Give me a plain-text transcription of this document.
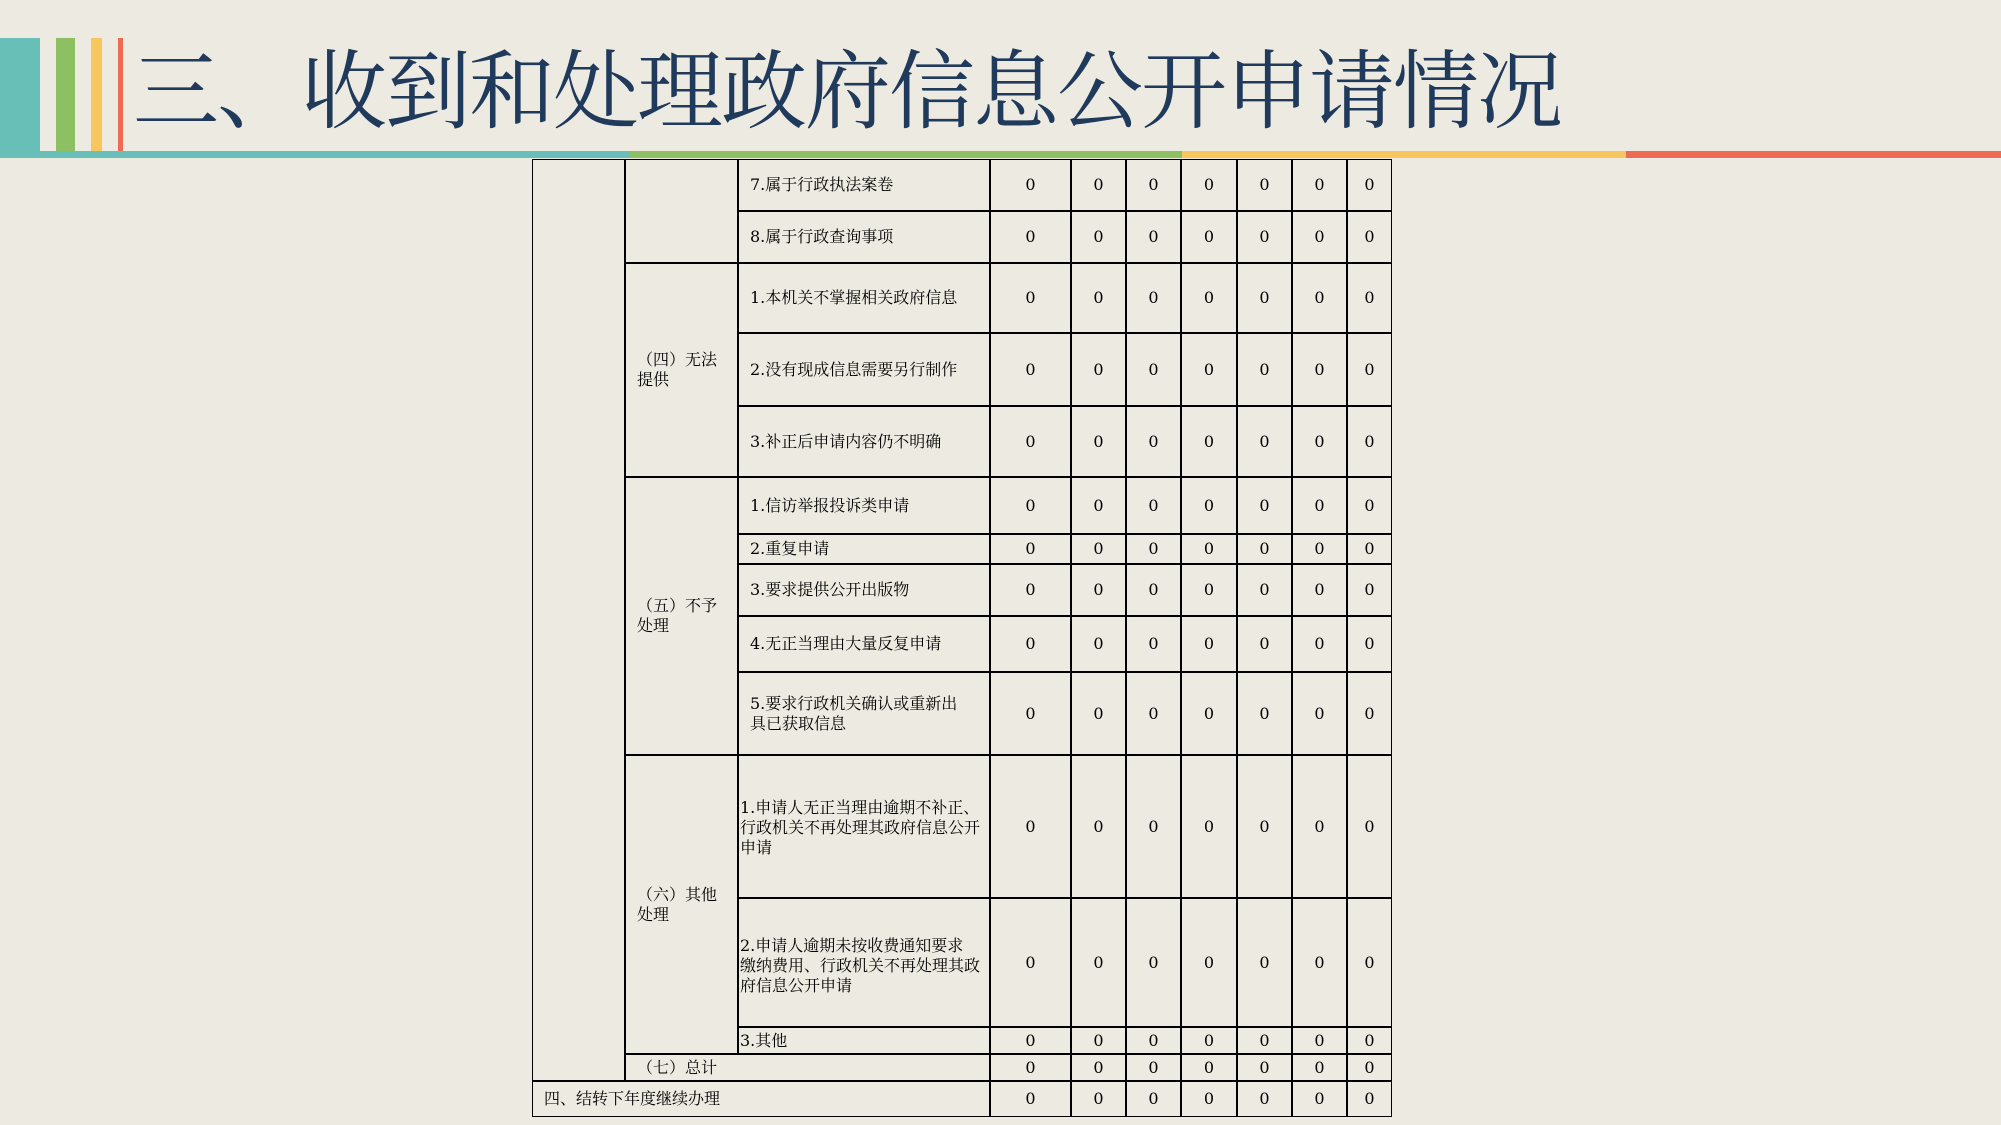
三、收到和处理政府信息公开申请情况
7.属于行政执法案卷	0	0	0	0	0	0	0
8.属于行政查询事项	0	0	0	0	0	0	0
（四）无法
提供
1.本机关不掌握相关政府信息	0	0	0	0	0	0	0
2.没有现成信息需要另行制作	0	0	0	0	0	0	0
3.补正后申请内容仍不明确	0	0	0	0	0	0	0
（五）不予
处理
1.信访举报投诉类申请	0	0	0	0	0	0	0
2.重复申请	0	0	0	0	0	0	0
3.要求提供公开出版物	0	0	0	0	0	0	0
4.无正当理由大量反复申请	0	0	0	0	0	0	0
5.要求行政机关确认或重新出
具已获取信息
0	0	0	0	0	0	0
（六）其他
处理
1.申请人无正当理由逾期不补正、
行政机关不再处理其政府信息公开
申请
0	0	0	0	0	0	0
2.申请人逾期未按收费通知要求
缴纳费用、行政机关不再处理其政
府信息公开申请
0	0	0	0	0	0	0
3.其他	0	0	0	0	0	0	0
（七）总计	0	0	0	0	0	0	0
四、结转下年度继续办理	0	0	0	0	0	0	0
